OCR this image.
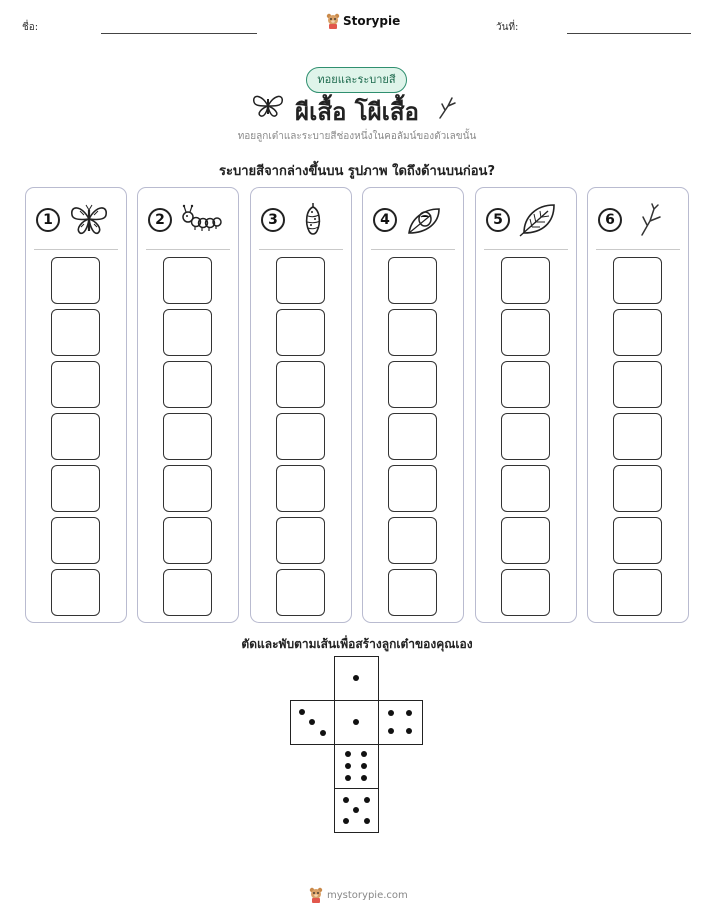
ชื่อ:	Storypie	วันที่:
ทอยและระบายสี
ผีเสื้อ โผีเสื้อ
ทอยลูกเต๋าและระบายสีช่องหนึ่งในคอลัมน์ของตัวเลขนั้น
ระบายสีจากล่างขึ้นบน รูปภาพ ใดถึงด้านบนก่อน?
1	2	3	4	5	6
ตัดและพับตามเส้นเพื่อสร้างลูกเต๋าของคุณเอง
mystorypie.com
